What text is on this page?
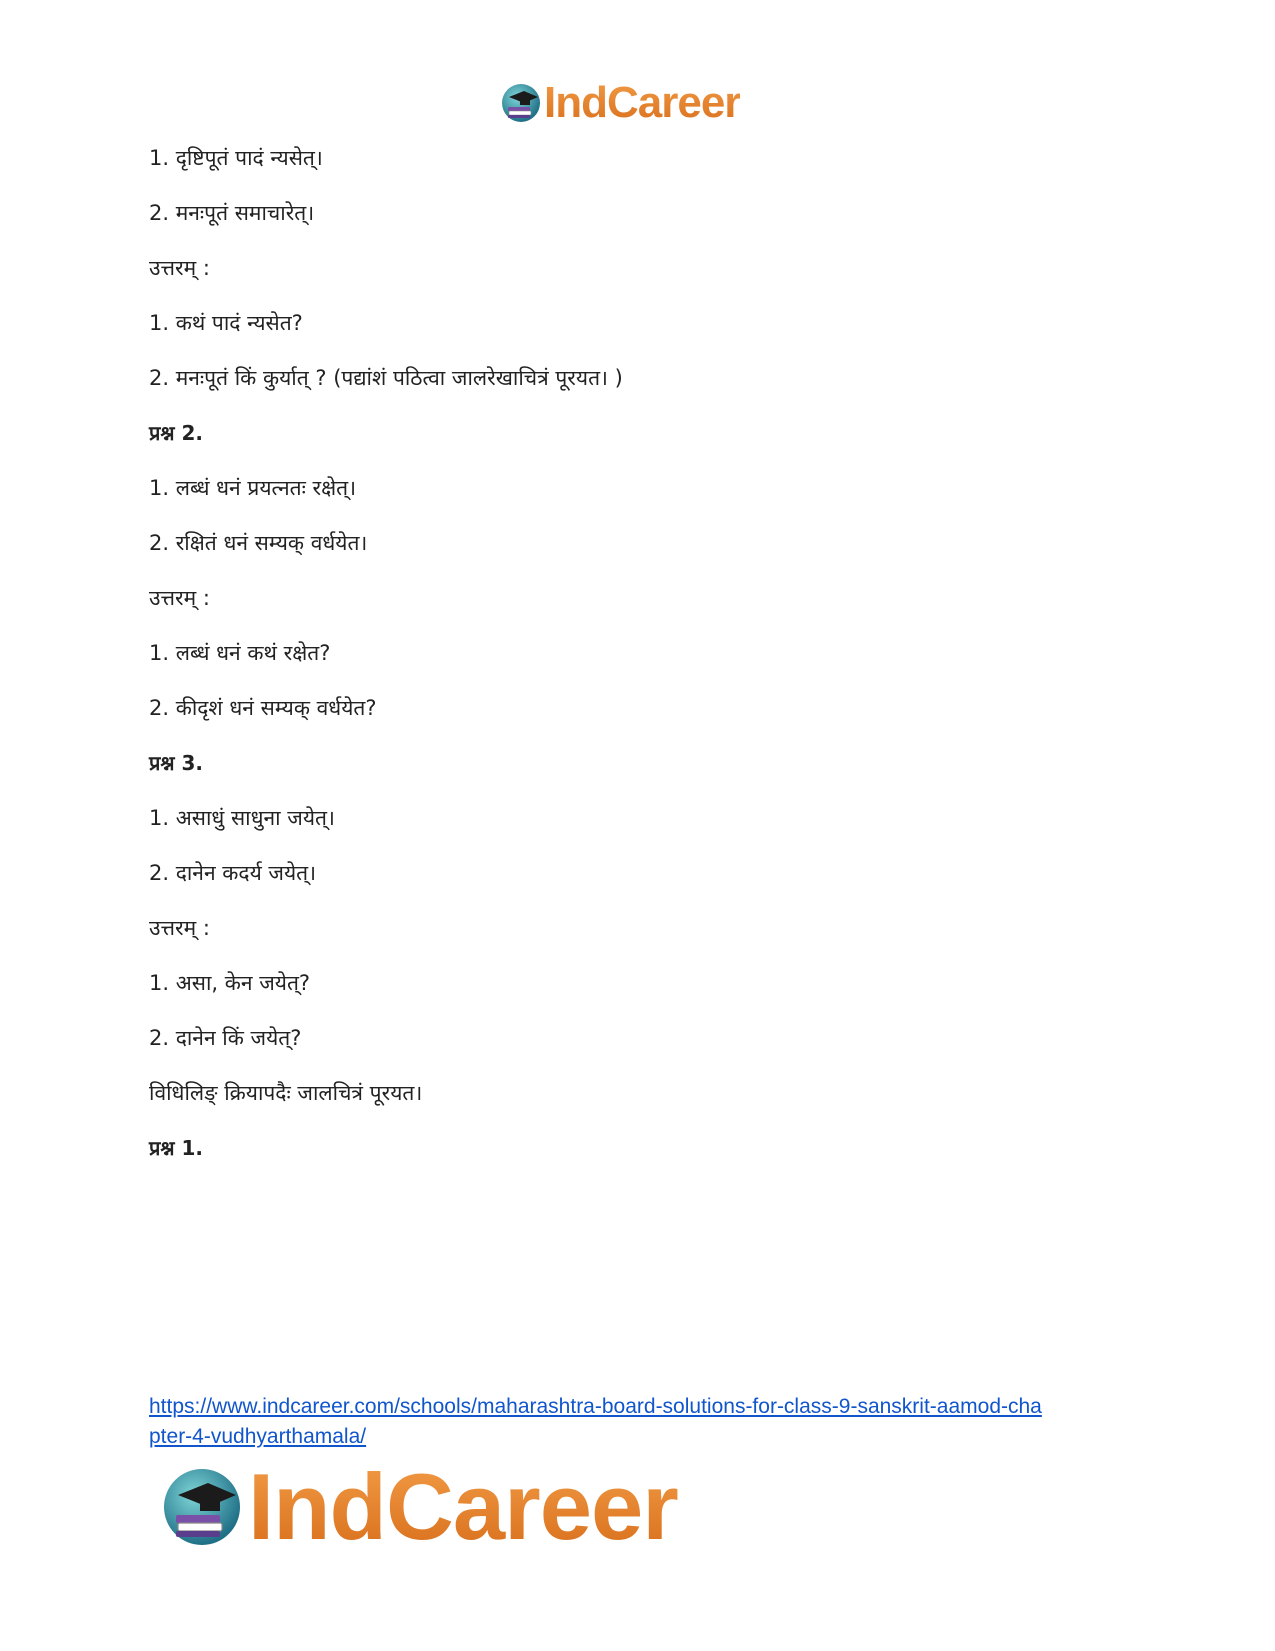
IndCareer
1. दृष्टिपूतं पादं न्यसेत्।
2. मनःपूतं समाचारेत्।
उत्तरम् :
1. कथं पादं न्यसेत?
2. मनःपूतं किं कुर्यात् ? (पद्यांशं पठित्वा जालरेखाचित्रं पूरयत। )
प्रश्न 2.
1. लब्धं धनं प्रयत्नतः रक्षेत्।
2. रक्षितं धनं सम्यक् वर्धयेत।
उत्तरम् :
1. लब्धं धनं कथं रक्षेत?
2. कीदृशं धनं सम्यक् वर्धयेत?
प्रश्न 3.
1. असाधुं साधुना जयेत्।
2. दानेन कदर्य जयेत्।
उत्तरम् :
1. असा, केन जयेत्?
2. दानेन किं जयेत्?
विधिलिङ् क्रियापदैः जालचित्रं पूरयत।
प्रश्न 1.
https://www.indcareer.com/schools/maharashtra-board-solutions-for-class-9-sanskrit-aamod-cha
pter-4-vudhyarthamala/
IndCareer
